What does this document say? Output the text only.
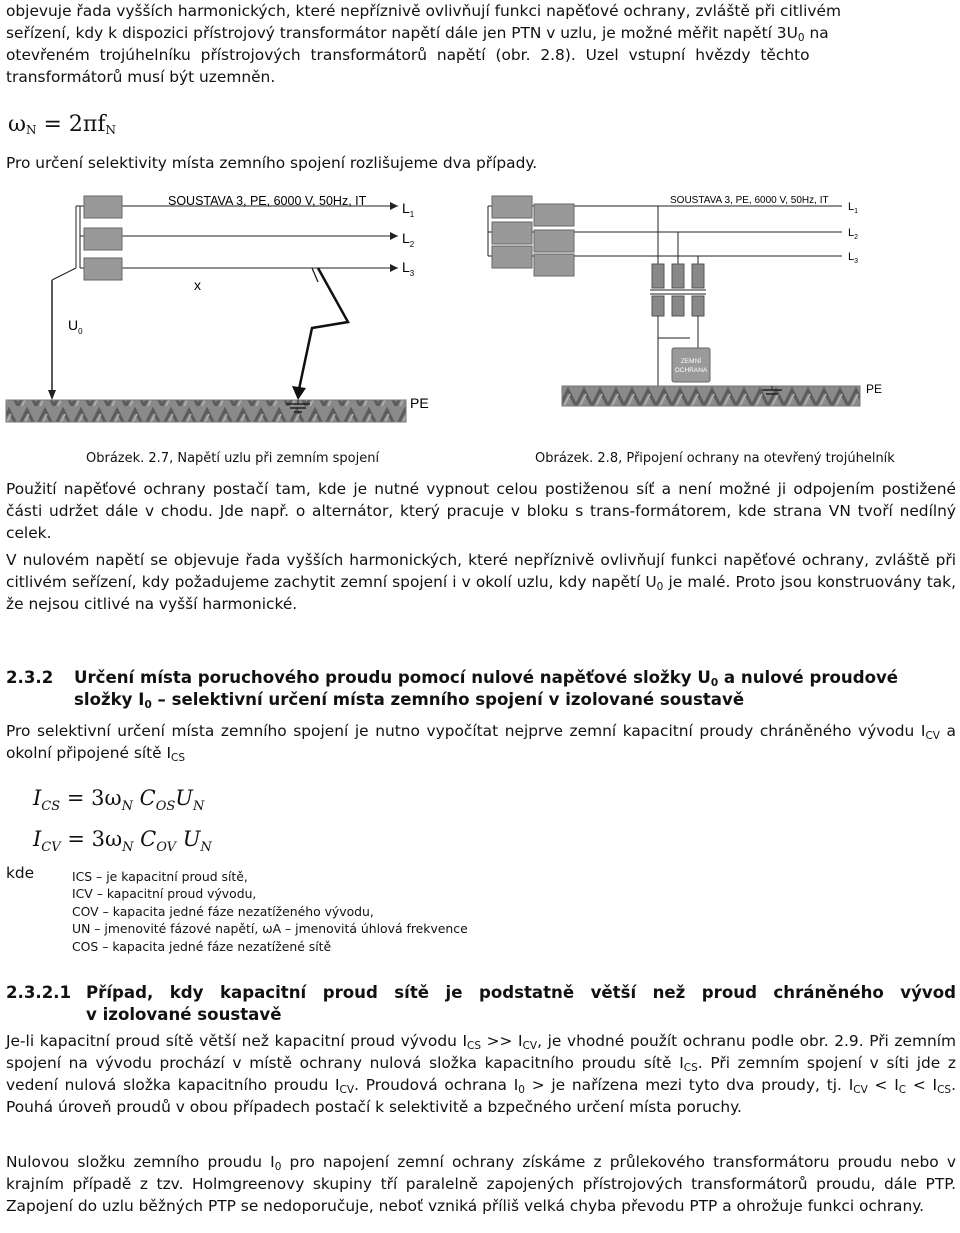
objevuje řada vyšších harmonických, které nepříznivě ovlivňují funkci napěťové ochrany, zvláště při citlivém

seřízení, kdy k dispozici přístrojový transformátor napětí dále jen PTN v uzlu, je možné měřit napětí $3U_0$ na

otevřeném trojúhelníku přístrojových transformátorů napětí (obr. 2.8). Uzel vstupní hvězdy těchto

transformátorů musí být uzemněn.

$\omega_N = 2\pi f_N$

Pro určení selektivity místa zemního spojení rozlišujeme dva případy.

SOUSTAVA 3, PE, 6000 V, 50Hz, IT	$L_1$
$L_2$
$L_3$
x
$U_0$
PE
Obrázek. 2.7, Napětí uzlu při zemním spojení
ZEMNÍ
OCHRANA
SOUSTAVA 3, PE, 6000 V, 50Hz, IT
$L_1$
$L_2$
$L_3$
PE
Obrázek. 2.8, Připojení ochrany na otevřený trojúhelník

Použití napěťové ochrany postačí tam, kde je nutné vypnout celou postiženou síť a není možné ji odpojením postižené části udržet dále v chodu. Jde např. o alternátor, který pracuje v bloku s trans-formátorem, kde strana VN tvoří nedílný celek.

V nulovém napětí se objevuje řada vyšších harmonických, které nepříznivě ovlivňují funkci napěťové ochrany, zvláště při citlivém seřízení, kdy požadujeme zachytit zemní spojení i v okolí uzlu, kdy napětí $U_0$ je malé. Proto jsou konstruovány tak, že nejsou citlivé na vyšší harmonické.

2.3.2 Určení místa poruchového proudu pomocí nulové napěťové složky $U_0$ a nulové proudové
složky $I_0$ – selektivní určení místa zemního spojení v izolované soustavě

Pro selektivní určení místa zemního spojení je nutno vypočítat nejprve zemní kapacitní proudy chráněného vývodu $I_{CV}$ a okolní připojené sítě $I_{CS}$

$I_{CS} = 3\omega_N$ $C_{OS}U_N$
$I_{CV} = 3\omega_N$ $C_{OV}$ $U_N$
kde	ICS – je kapacitní proud sítě,
ICV – kapacitní proud vývodu,
COV – kapacita jedné fáze nezatíženého vývodu,
UN – jmenovité fázové napětí, ωA – jmenovitá úhlová frekvence
COS – kapacita jedné fáze nezatížené sítě
2.3.2.1 Případ, kdy kapacitní proud sítě je podstatně větší než proud chráněného vývod
v izolované soustavě

Je-li kapacitní proud sítě větší než kapacitní proud vývodu $I_{CS} >> I_{CV}$, je vhodné použít ochranu podle obr. 2.9. Při zemním spojení na vývodu prochází v místě ochrany nulová složka kapacitního proudu sítě $I_{CS}$. Při zemním spojení v síti jde z vedení nulová složka kapacitního proudu $I_{CV}$. Proudová ochrana $I_0$ > je nařízena mezi tyto dva proudy, tj. $I_{CV} < I_C < I_{CS}$. Pouhá úroveň proudů v obou případech postačí k selektivitě a bzpečného určení místa poruchy.

Nulovou složku zemního proudu $I_0$ pro napojení zemní ochrany získáme z průlekového transformátoru proudu nebo v krajním případě z tzv. Holmgreenovy skupiny tří paralelně zapojených přístrojových transformátorů proudu, dále PTP. Zapojení do uzlu běžných PTP se nedoporučuje, neboť vzniká příliš velká chyba převodu PTP a ohrožuje funkci ochrany.
